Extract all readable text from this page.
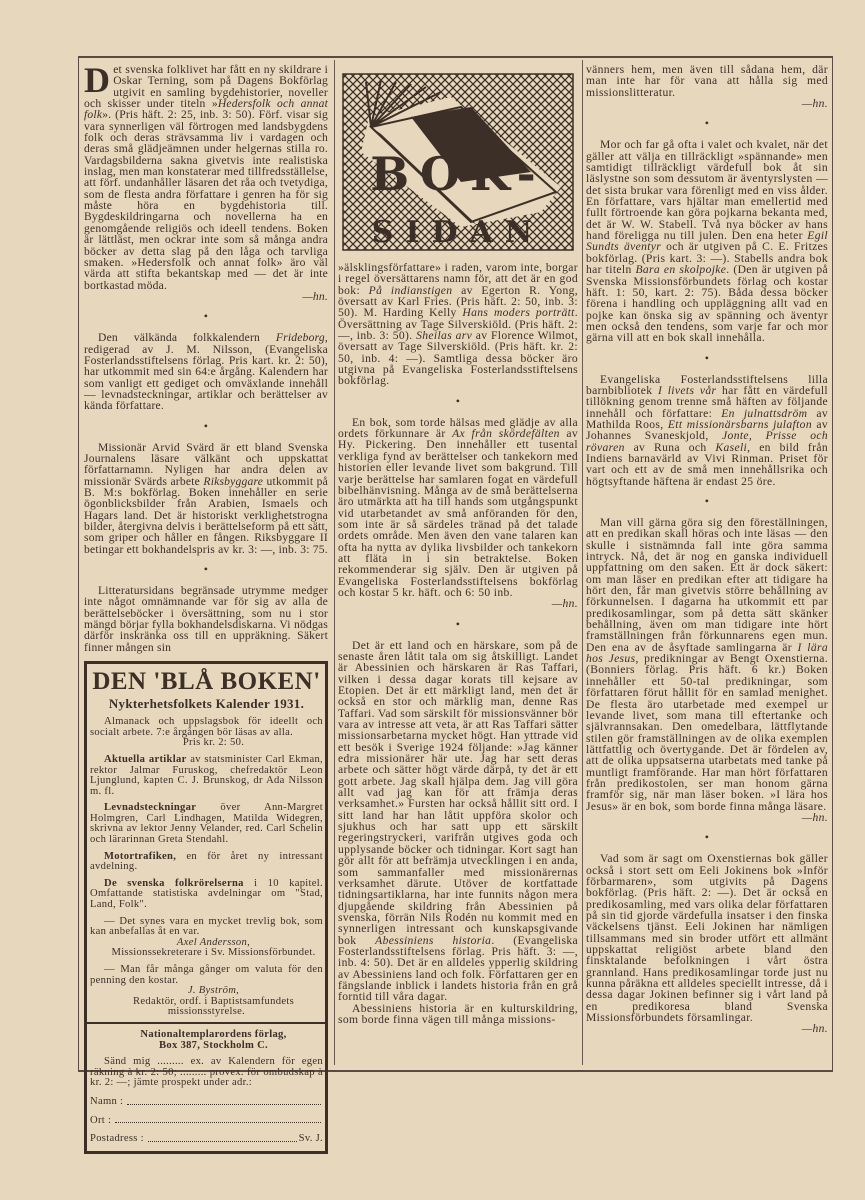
Det svenska folklivet har fått en ny skildrare i Oskar Terning, som på Dagens Bokförlag utgivit en samling bygdehistorier, noveller och skisser under titeln »Hedersfolk och annat folk». (Pris häft. 2: 25, inb. 3: 50). Förf. visar sig vara synnerligen väl förtrogen med landsbygdens folk och deras strävsamma liv i vardagen och deras små glädjeämnen under helgernas stilla ro. Vardagsbilderna sakna givetvis inte realistiska inslag, men man konstaterar med tillfredsställelse, att förf. undanhåller läsaren det råa och tvetydiga, som de flesta andra författare i genren ha för sig måste höra en bygdehistoria till. Bygdeskildringarna och novellerna ha en genomgående religiös och ideell tendens. Boken är lättläst, men ockrar inte som så många andra böcker av detta slag på den låga och tarvliga smaken. »Hedersfolk och annat folk» äro väl värda att stifta bekantskap med — det är inte bortkastad möda.

—hn.

•

Den välkända folkkalendern Frideborg, redigerad av J. M. Nilsson, (Evangeliska Fosterlandsstiftelsens förlag. Pris kart. kr. 2: 50), har utkommit med sin 64:e årgång. Kalendern har som vanligt ett gediget och omväxlande innehåll — levnadsteckningar, artiklar och berättelser av kända författare.

•

Missionär Arvid Svärd är ett bland Svenska Journalens läsare välkänt och uppskattat författarnamn. Nyligen har andra delen av missionär Svärds arbete Riksbyggare utkommit på B. M:s bokförlag. Boken innehåller en serie ögonblicksbilder från Arabien, Ismaels och Hagars land. Det är historiskt verklighetstrogna bilder, återgivna delvis i berättelseform på ett sätt, som griper och håller en fången. Riksbyggare II betingar ett bokhandelspris av kr. 3: —, inb. 3: 75.

•

Litteratursidans begränsade utrymme medger inte något omnämnande var för sig av alla de berättelseböcker i översättning, som nu i stor mängd börjar fylla bokhandelsdiskarna. Vi nödgas därför inskränka oss till en uppräkning. Säkert finner mången sin

DEN 'BLÅ BOKEN'
Nykterhetsfolkets Kalender 1931.

Almanack och uppslagsbok för ideellt och socialt arbete. 7:e årgången bör läsas av alla.

Pris kr. 2: 50.

Aktuella artiklar av statsminister Carl Ekman, rektor Jalmar Furuskog, chefredaktör Leon Ljunglund, kapten C. J. Brunskog, dr Ada Nilsson m. fl.

Levnadsteckningar över Ann-Margret Holmgren, Carl Lindhagen, Matilda Widegren, skrivna av lektor Jenny Velander, red. Carl Schelin och lärarinnan Greta Stendahl.

Motortrafiken, en för året ny intressant avdelning.

De svenska folkrörelserna i 10 kapitel. Omfattande statistiska avdelningar om "Stad, Land, Folk".

— Det synes vara en mycket trevlig bok, som kan anbefallas åt en var.

Axel Andersson,

Missionssekreterare i Sv. Missionsförbundet.

— Man får många gånger om valuta för den penning den kostar.

J. Byström,

Redaktör, ordf. i Baptistsamfundets missionsstyrelse.

Nationaltemplarordens förlag,

Box 387, Stockholm C.

Sänd mig ......... ex. av Kalendern för egen räkning à kr. 2: 50; ......... provex. för ombudskap à kr. 2: —; jämte prospekt under adr.:

Namn :
Ort :
Postadress :	Sv. J.
BOK-
SIDAN

»älsklingsförfattare» i raden, varom inte, borgar i regel översättarens namn för, att det är en god bok: På indianstigen av Egerton R. Yong, översatt av Karl Fries. (Pris häft. 2: 50, inb. 3: 50). M. Harding Kelly Hans moders porträtt. Översättning av Tage Silverskiöld. (Pris häft. 2: —, inb. 3: 50). Sheilas arv av Florence Wilmot, översatt av Tage Silverskiöld. (Pris häft. kr. 2: 50, inb. 4: —). Samtliga dessa böcker äro utgivna på Evangeliska Fosterlandsstiftelsens bokförlag.

•

En bok, som torde hälsas med glädje av alla ordets förkunnare är Ax från skördefälten av Hy. Pickering. Den innehåller ett tusental verkliga fynd av berättelser och tankekorn med historien eller levande livet som bakgrund. Till varje berättelse har samlaren fogat en värdefull bibelhänvisning. Många av de små berättelserna äro utmärkta att ha till hands som utgångspunkt vid utarbetandet av små anföranden för den, som inte är så särdeles tränad på det talade ordets område. Men även den vane talaren kan ofta ha nytta av dylika livsbilder och tankekorn att fläta in i sin betraktelse. Boken rekommenderar sig själv. Den är utgiven på Evangeliska Fosterlandsstiftelsens bokförlag och kostar 5 kr. häft. och 6: 50 inb.

—hn.

•

Det är ett land och en härskare, som på de senaste åren låtit tala om sig åtskilligt. Landet är Abessinien och härskaren är Ras Taffari, vilken i dessa dagar korats till kejsare av Etopien. Det är ett märkligt land, men det är också en stor och märklig man, denne Ras Taffari. Vad som särskilt för missionsvänner bör vara av intresse att veta, är att Ras Taffari sätter missionsarbetarna mycket högt. Han yttrade vid ett besök i Sverige 1924 följande: »Jag känner edra missionärer här ute. Jag har sett deras arbete och sätter högt värde därpå, ty det är ett gott arbete. Jag skall hjälpa dem. Jag vill göra allt vad jag kan för att främja deras verksamhet.» Fursten har också hållit sitt ord. I sitt land har han låtit uppföra skolor och sjukhus och har satt upp ett särskilt regeringstryckeri, varifrån utgives goda och upplysande böcker och tidningar. Kort sagt han gör allt för att befrämja utvecklingen i en anda, som sammanfaller med missionärernas verksamhet därute. Utöver de kortfattade tidningsartiklarna, har inte funnits någon mera djupgående skildring från Abessinien på svenska, förrän Nils Rodén nu kommit med en synnerligen intressant och kunskapsgivande bok Abessiniens historia. (Evangeliska Fosterlandsstiftelsens förlag. Pris häft. 3: —, inb. 4: 50). Det är en alldeles ypperlig skildring av Abessiniens land och folk. Författaren ger en fängslande inblick i landets historia från en grå forntid till våra dagar.

Abessiniens historia är en kulturskildring, som borde finna vägen till många missions-

vänners hem, men även till sådana hem, där man inte har för vana att hålla sig med missionslitteratur.

—hn.

•

Mor och far gå ofta i valet och kvalet, när det gäller att välja en tillräckligt »spännande» men samtidigt tillräckligt värdefull bok åt sin läslystne son som dessutom är äventyrslysten — det sista brukar vara förenligt med en viss ålder. En författare, vars hjältar man emellertid med fullt förtroende kan göra pojkarna bekanta med, det är W. W. Stabell. Två nya böcker av hans hand föreligga nu till julen. Den ena heter Egil Sundts äventyr och är utgiven på C. E. Fritzes bokförlag. (Pris kart. 3: —). Stabells andra bok har titeln Bara en skolpojke. (Den är utgiven på Svenska Missionsförbundets förlag och kostar häft. 1: 50, kart. 2: 75). Båda dessa böcker förena i handling och uppläggning allt vad en pojke kan önska sig av spänning och äventyr men också den tendens, som varje far och mor gärna vill att en bok skall innehålla.

•

Evangeliska Fosterlandsstiftelsens lilla barnbibliotek I livets vår har fått en värdefull tillökning genom trenne små häften av följande innehåll och författare: En julnattsdröm av Mathilda Roos, Ett missionärsbarns julafton av Johannes Svaneskjold, Jonte, Prisse och rövaren av Runa och Kaseli, en bild från Indiens barnavärld av Vivi Rinman. Priset för vart och ett av de små men innehållsrika och högtsyftande häftena är endast 25 öre.

•

Man vill gärna göra sig den föreställningen, att en predikan skall höras och inte läsas — den skulle i sistnämnda fall inte göra samma intryck. Nå, det är nog en ganska individuell uppfattning om den saken. Ett är dock säkert: om man läser en predikan efter att tidigare ha hört den, får man givetvis större behållning av förkunnelsen. I dagarna ha utkommit ett par predikosamlingar, som på detta sätt skänker behållning, även om man tidigare inte hört framställningen från förkunnarens egen mun. Den ena av de åsyftade samlingarna är I lära hos Jesus, predikningar av Bengt Oxenstierna. (Bonniers förlag. Pris häft. 6 kr.) Boken innehåller ett 50-tal predikningar, som författaren förut hållit för en samlad menighet. De flesta äro utarbetade med exempel ur levande livet, som mana till eftertanke och självrannsakan. Den omedelbara, lättflytande stilen gör framställningen av de olika exemplen lättfattlig och övertygande. Det är fördelen av, att de olika uppsatserna utarbetats med tanke på muntligt framförande. Har man hört författaren från predikostolen, ser man honom gärna framför sig, när man läser boken. »I lära hos Jesus» är en bok, som borde finna många läsare.

—hn.

•

Vad som är sagt om Oxenstiernas bok gäller också i stort sett om Eeli Jokinens bok »Inför förbarmaren», som utgivits på Dagens bokförlag. (Pris häft. 2: —). Det är också en predikosamling, med vars olika delar författaren på sin tid gjorde värdefulla insatser i den finska väckelsens tjänst. Eeli Jokinen har nämligen tillsammans med sin broder utfört ett allmänt uppskattat religiöst arbete bland den finsktalande befolkningen i vårt östra grannland. Hans predikosamlingar torde just nu kunna påräkna ett alldeles speciellt intresse, då i dessa dagar Jokinen befinner sig i vårt land på en predikoresa bland Svenska Missionsförbundets församlingar.

—hn.
